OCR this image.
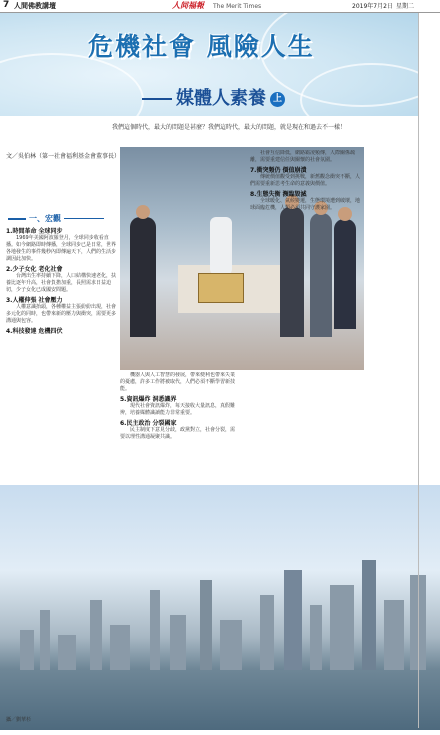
7 人間佛教講壇	人间福報 The Merit Times	2019年7月2日 星期二
危機社會 風險人生
媒體人素養 上
我們這個時代，最大的問題是甚麼？我們這時代，最大的問題，就是現在和過去不一樣！
文／吳伯林（第一社會福利基金會董事長）
一、宏觀
1.時間革命 全球同步
1969年美國阿波羅登月，全球同步收看直播。如今網路即時傳播，全球同步已是日常，世界各地發生的事件幾秒內即傳遍天下，人們的生活步調因此加快。
2.少子女化 老化社會
台灣出生率持續下降，人口結構快速老化，扶養比逐年升高，社會負擔加重，長照需求日益迫切，少子女化已成國安問題。
3.人權伸張 社會壓力
人權意識抬頭，各種權益主張紛紛出現，社會多元化的同時，也帶來新的壓力與衝突，需要更多溝通與包容。
4.科技發達 危機四伏
機器人與人工智慧的發展，帶來便利也帶來失業的憂慮，許多工作將被取代，人們必須不斷學習新技能。
5.資訊爆炸 洞悉識界
現代社會資訊爆炸，每天接收大量訊息，真假難辨，培養媒體識讀能力非常重要。
6.民主政治 分裂國家
民主制度下意見分歧，政黨對立，社會分裂，需要以理性溝通凝聚共識。
社會互信降低，網路霸凌頻傳，人際關係疏離，需要重建信任與關懷的社會氛圍。
7.衝突頻仍 價值崩潰
傳統價值觀受到挑戰，新舊觀念衝突不斷，人們需要重新思考生命的意義與價值。
8.生態失衡 瀕臨毀滅
全球暖化、氣候變遷，生態環境遭到破壞，地球面臨危機，人類必須共同守護家園。
攝／劉華杉
